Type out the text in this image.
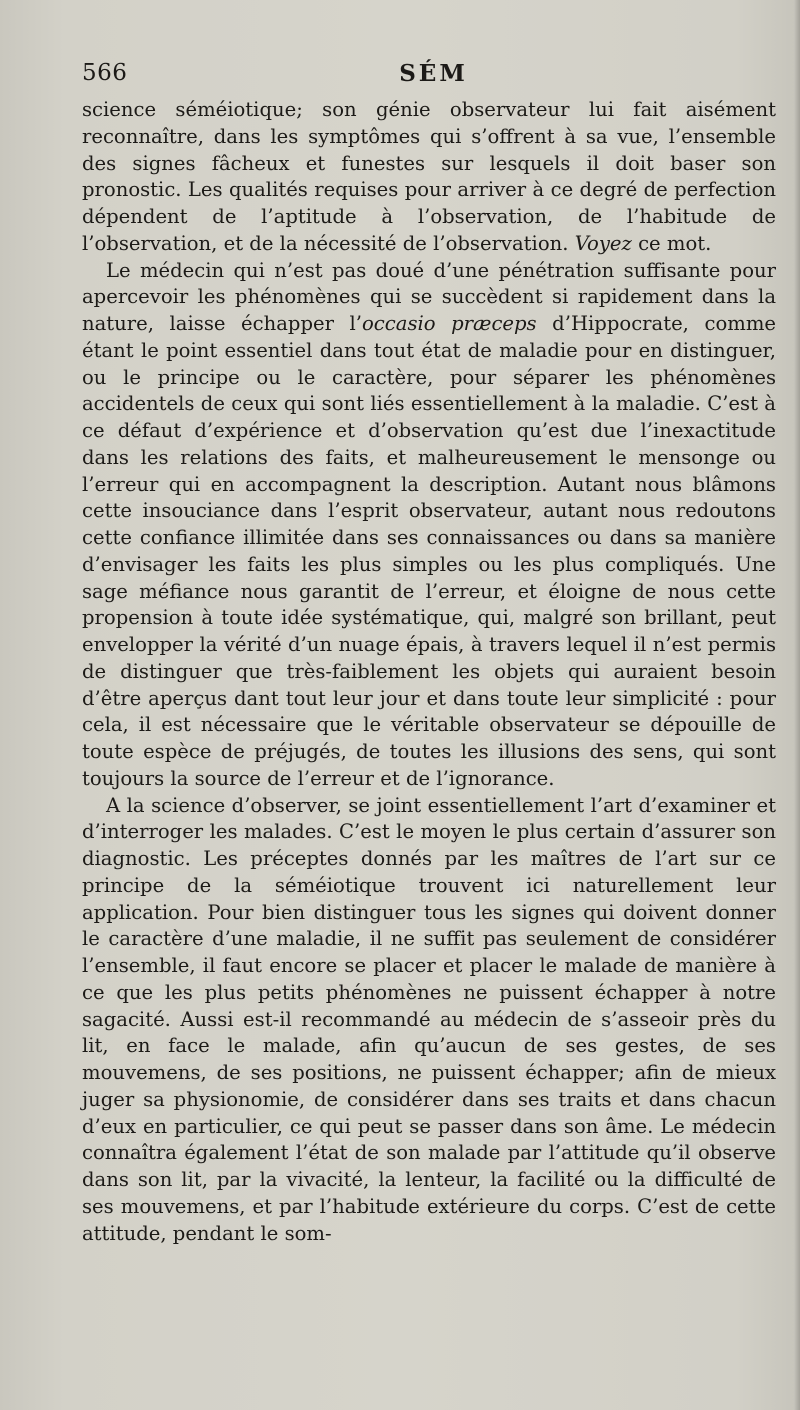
566	SÉM

science séméiotique; son génie observateur lui fait aisément reconnaître, dans les symptômes qui s’offrent à sa vue, l’ensemble des signes fâcheux et funestes sur lesquels il doit baser son pronostic. Les qualités requises pour arriver à ce degré de perfection dépendent de l’aptitude à l’observation, de l’habitude de l’observation, et de la nécessité de l’observation. Voyez ce mot.

Le médecin qui n’est pas doué d’une pénétration suffisante pour apercevoir les phénomènes qui se succèdent si rapidement dans la nature, laisse échapper l’occasio præceps d’Hippocrate, comme étant le point essentiel dans tout état de maladie pour en distinguer, ou le principe ou le caractère, pour séparer les phénomènes accidentels de ceux qui sont liés essentiellement à la maladie. C’est à ce défaut d’expérience et d’observation qu’est due l’inexactitude dans les relations des faits, et malheureusement le mensonge ou l’erreur qui en accompagnent la description. Autant nous blâmons cette insouciance dans l’esprit observateur, autant nous redoutons cette confiance illimitée dans ses connaissances ou dans sa manière d’envisager les faits les plus simples ou les plus compliqués. Une sage méfiance nous garantit de l’erreur, et éloigne de nous cette propension à toute idée systématique, qui, malgré son brillant, peut envelopper la vérité d’un nuage épais, à travers lequel il n’est permis de distinguer que très-faiblement les objets qui auraient besoin d’être aperçus dant tout leur jour et dans toute leur simplicité : pour cela, il est nécessaire que le véritable observateur se dépouille de toute espèce de préjugés, de toutes les illusions des sens, qui sont toujours la source de l’erreur et de l’ignorance.

A la science d’observer, se joint essentiellement l’art d’examiner et d’interroger les malades. C’est le moyen le plus certain d’assurer son diagnostic. Les préceptes donnés par les maîtres de l’art sur ce principe de la séméiotique trouvent ici naturellement leur application. Pour bien distinguer tous les signes qui doivent donner le caractère d’une maladie, il ne suffit pas seulement de considérer l’ensemble, il faut encore se placer et placer le malade de manière à ce que les plus petits phénomènes ne puissent échapper à notre sagacité. Aussi est-il recommandé au médecin de s’asseoir près du lit, en face le malade, afin qu’aucun de ses gestes, de ses mouvemens, de ses positions, ne puissent échapper; afin de mieux juger sa physionomie, de considérer dans ses traits et dans chacun d’eux en particulier, ce qui peut se passer dans son âme. Le médecin connaîtra également l’état de son malade par l’attitude qu’il observe dans son lit, par la vivacité, la lenteur, la facilité ou la difficulté de ses mouvemens, et par l’habitude extérieure du corps. C’est de cette attitude, pendant le som-
